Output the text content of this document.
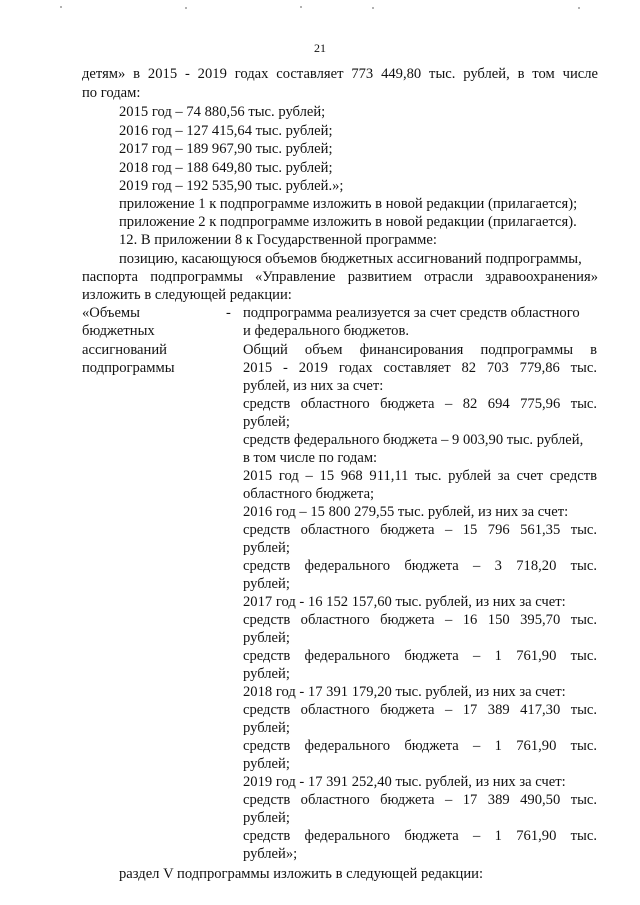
21
детям» в 2015 - 2019 годах составляет 773 449,80 тыс. рублей, в том числе
по годам:
2015 год – 74 880,56 тыс. рублей;
2016 год – 127 415,64 тыс. рублей;
2017 год – 189 967,90 тыс. рублей;
2018 год – 188 649,80 тыс. рублей;
2019 год – 192 535,90 тыс. рублей.»;
приложение 1 к подпрограмме изложить в новой редакции (прилагается);
приложение 2 к подпрограмме изложить в новой редакции (прилагается).
12. В приложении 8 к Государственной программе:
позицию, касающуюся объемов бюджетных ассигнований подпрограммы,
паспорта подпрограммы «Управление развитием отрасли здравоохранения»
изложить в следующей редакции:
«Объемы
бюджетных
ассигнований
подпрограммы
- подпрограмма реализуется за счет средств областного
и федерального бюджетов.
Общий объем финансирования подпрограммы в
2015 - 2019 годах составляет 82 703 779,86 тыс.
рублей, из них за счет:
средств областного бюджета – 82 694 775,96 тыс.
рублей;
средств федерального бюджета – 9 003,90 тыс. рублей,
в том числе по годам:
2015 год – 15 968 911,11 тыс. рублей за счет средств
областного бюджета;
2016 год – 15 800 279,55 тыс. рублей, из них за счет:
средств областного бюджета – 15 796 561,35 тыс.
рублей;
средств федерального бюджета – 3 718,20 тыс.
рублей;
2017 год - 16 152 157,60 тыс. рублей, из них за счет:
средств областного бюджета – 16 150 395,70 тыс.
рублей;
средств федерального бюджета – 1 761,90 тыс.
рублей;
2018 год - 17 391 179,20 тыс. рублей, из них за счет:
средств областного бюджета – 17 389 417,30 тыс.
рублей;
средств федерального бюджета – 1 761,90 тыс.
рублей;
2019 год - 17 391 252,40 тыс. рублей, из них за счет:
средств областного бюджета – 17 389 490,50 тыс.
рублей;
средств федерального бюджета – 1 761,90 тыс.
рублей»;
раздел V подпрограммы изложить в следующей редакции:
